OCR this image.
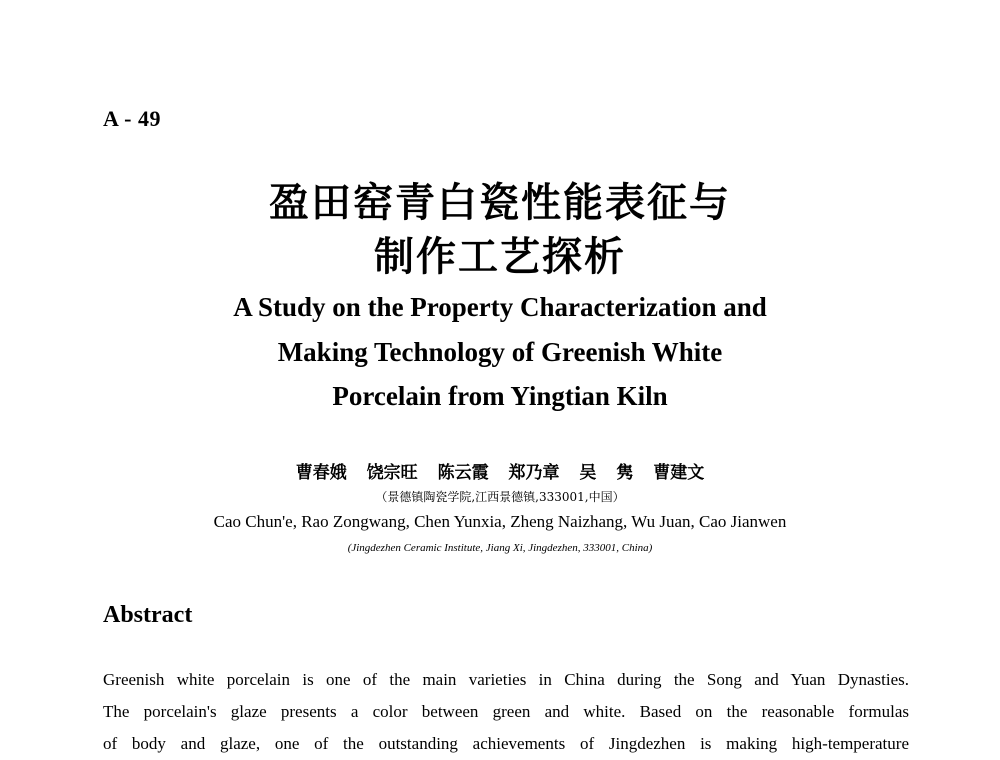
A - 49
盈田窑青白瓷性能表征与
制作工艺探析
A Study on the Property Characterization and
Making Technology of Greenish White
Porcelain from Yingtian Kiln
曹春娥 饶宗旺 陈云霞 郑乃章 吴 隽 曹建文
（景德镇陶瓷学院,江西景德镇,333001,中国）
Cao Chun'e, Rao Zongwang, Chen Yunxia, Zheng Naizhang, Wu Juan, Cao Jianwen
(Jingdezhen Ceramic Institute, Jiang Xi, Jingdezhen, 333001, China)
Abstract
Greenish white porcelain is one of the main varieties in China during the Song and Yuan Dynasties.
The porcelain's glaze presents a color between green and white. Based on the reasonable formulas
of body and glaze, one of the outstanding achievements of Jingdezhen is making high-temperature
